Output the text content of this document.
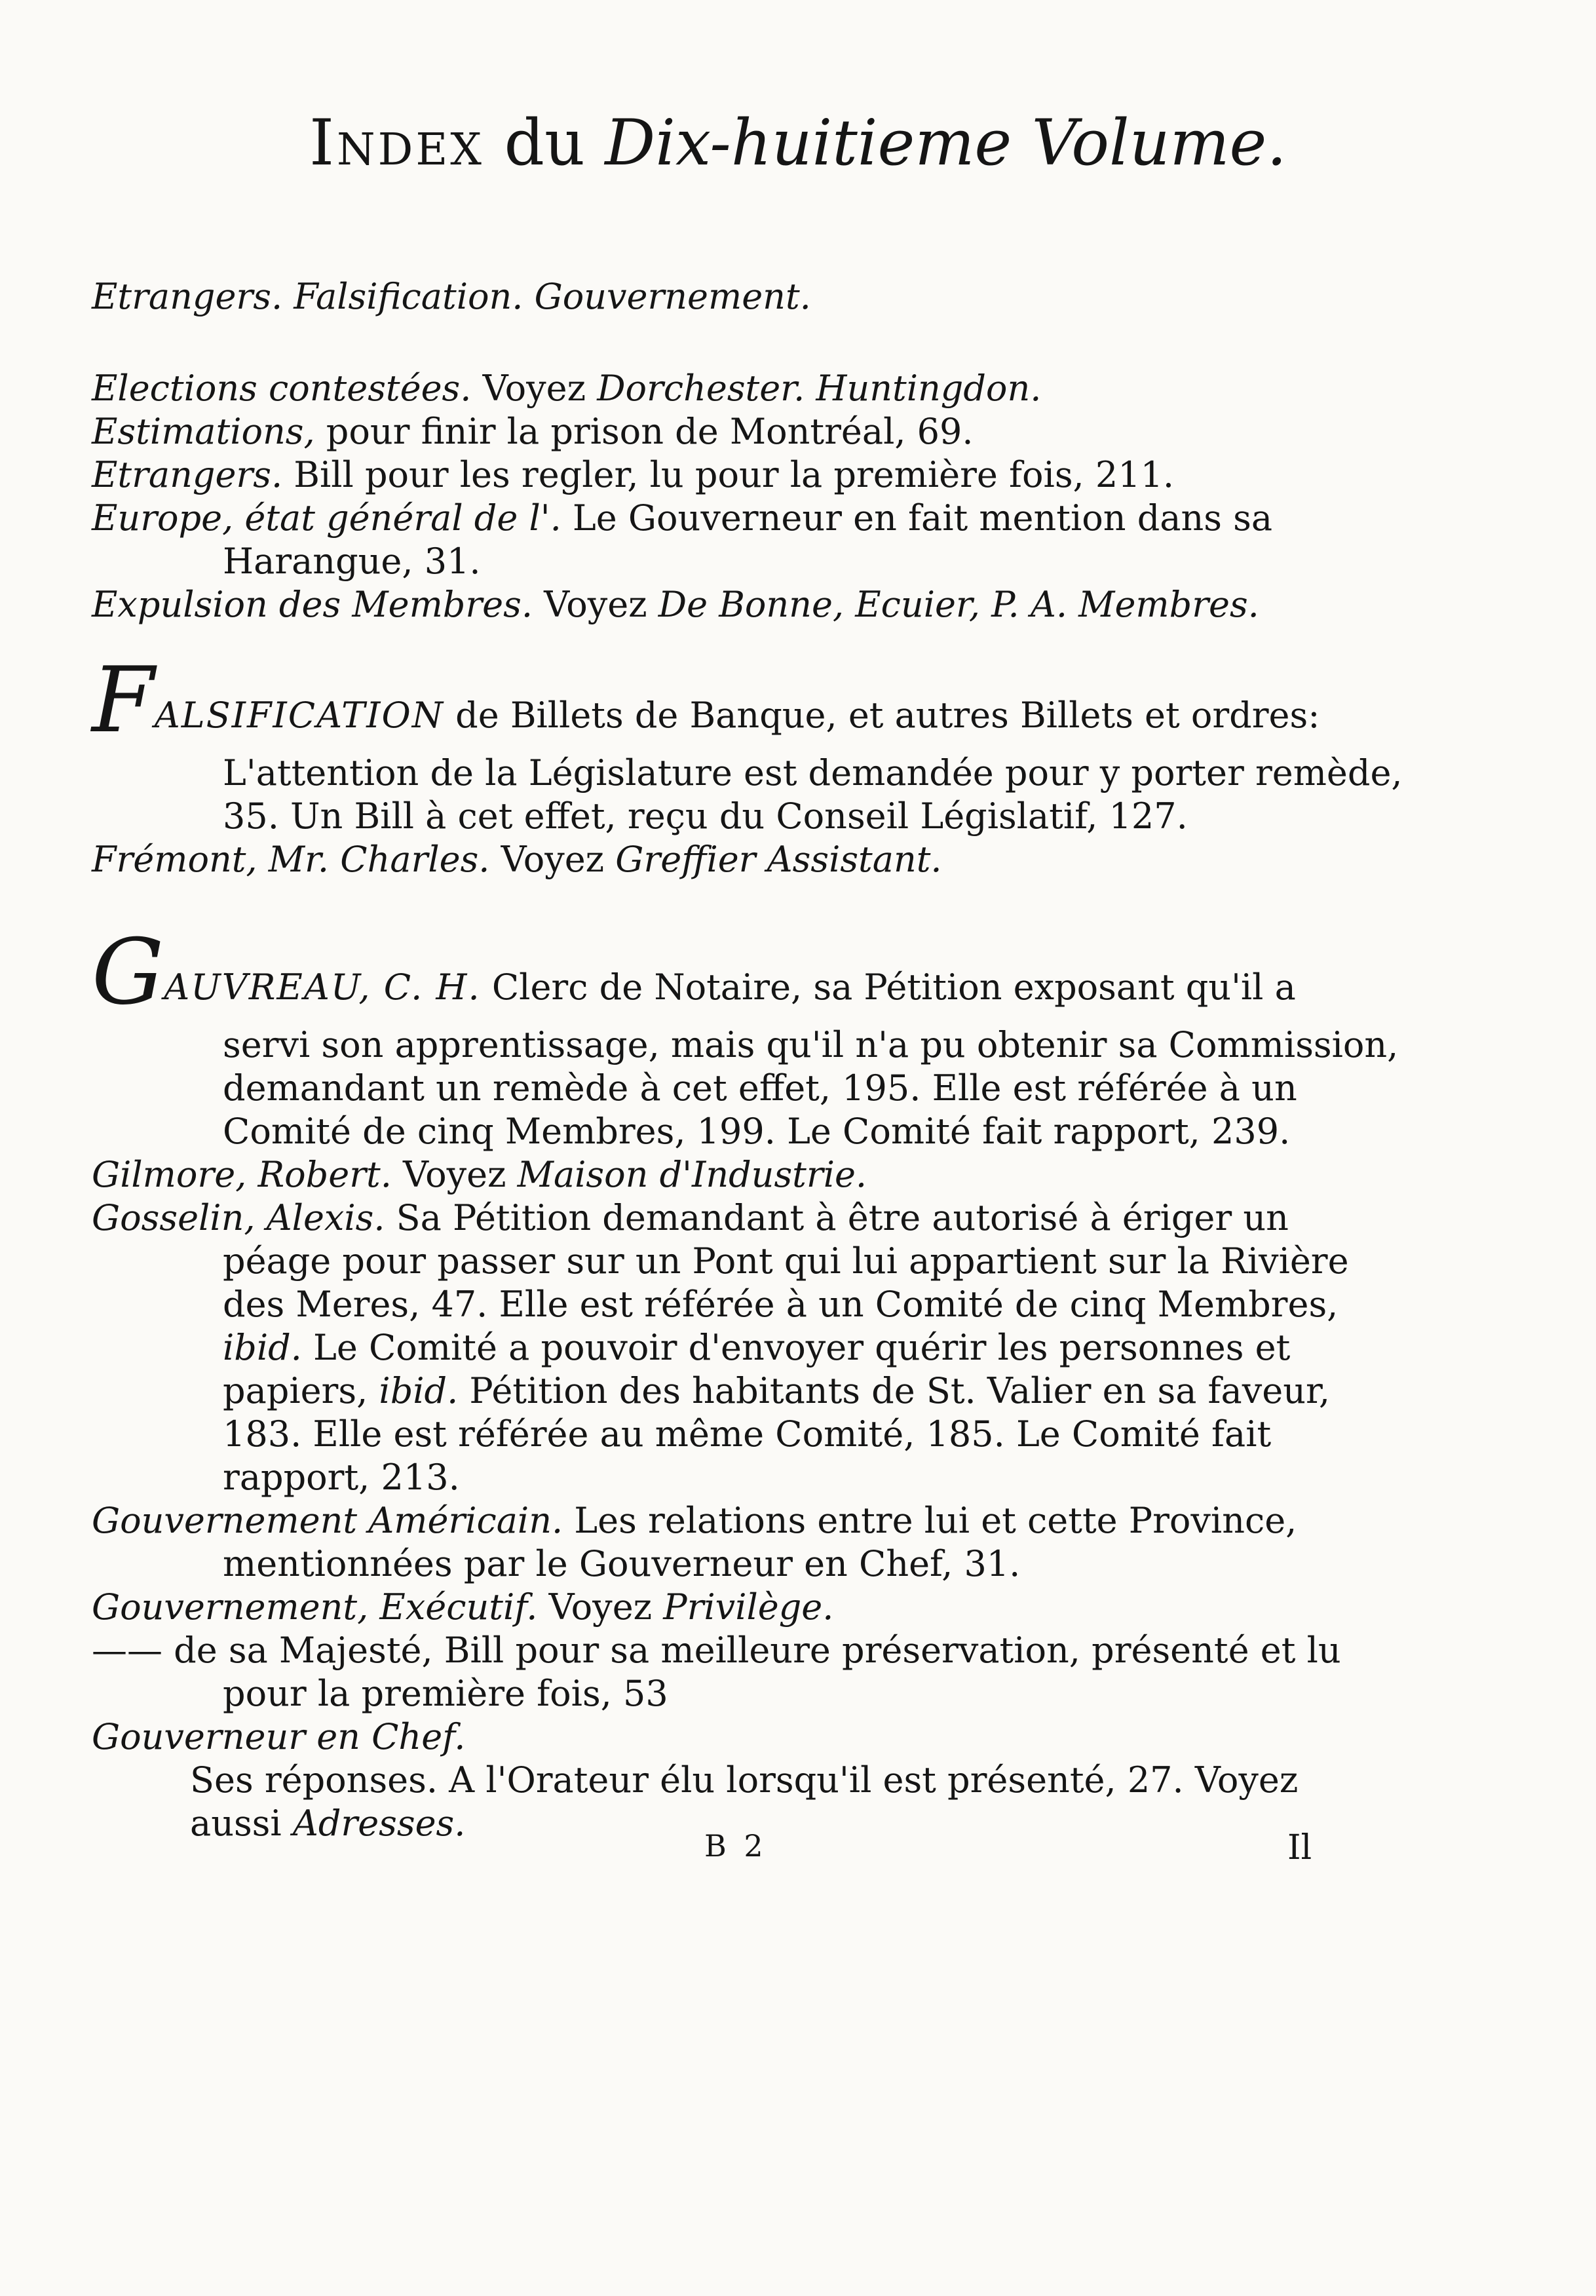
Index du Dix-huitieme Volume.
Etrangers. Falsification. Gouvernement.
Elections contestées. Voyez Dorchester. Huntingdon.
Estimations, pour finir la prison de Montréal, 69.
Etrangers. Bill pour les regler, lu pour la première fois, 211.
Europe, état général de l'. Le Gouverneur en fait mention dans sa
Harangue, 31.
Expulsion des Membres. Voyez De Bonne, Ecuier, P. A. Membres.
FALSIFICATION de Billets de Banque, et autres Billets et ordres:
L'attention de la Législature est demandée pour y porter remède,
35. Un Bill à cet effet, reçu du Conseil Législatif, 127.
Frémont, Mr. Charles. Voyez Greffier Assistant.
GAUVREAU, C. H. Clerc de Notaire, sa Pétition exposant qu'il a
servi son apprentissage, mais qu'il n'a pu obtenir sa Commission,
demandant un remède à cet effet, 195. Elle est référée à un
Comité de cinq Membres, 199. Le Comité fait rapport, 239.
Gilmore, Robert. Voyez Maison d'Industrie.
Gosselin, Alexis. Sa Pétition demandant à être autorisé à ériger un
péage pour passer sur un Pont qui lui appartient sur la Rivière
des Meres, 47. Elle est référée à un Comité de cinq Membres,
ibid. Le Comité a pouvoir d'envoyer quérir les personnes et
papiers, ibid. Pétition des habitants de St. Valier en sa faveur,
183. Elle est référée au même Comité, 185. Le Comité fait
rapport, 213.
Gouvernement Américain. Les relations entre lui et cette Province,
mentionnées par le Gouverneur en Chef, 31.
Gouvernement, Exécutif. Voyez Privilège.
—— de sa Majesté, Bill pour sa meilleure préservation, présenté et lu
pour la première fois, 53
Gouverneur en Chef.
Ses réponses. A l'Orateur élu lorsqu'il est présenté, 27. Voyez
aussi Adresses.
B 2	Il
